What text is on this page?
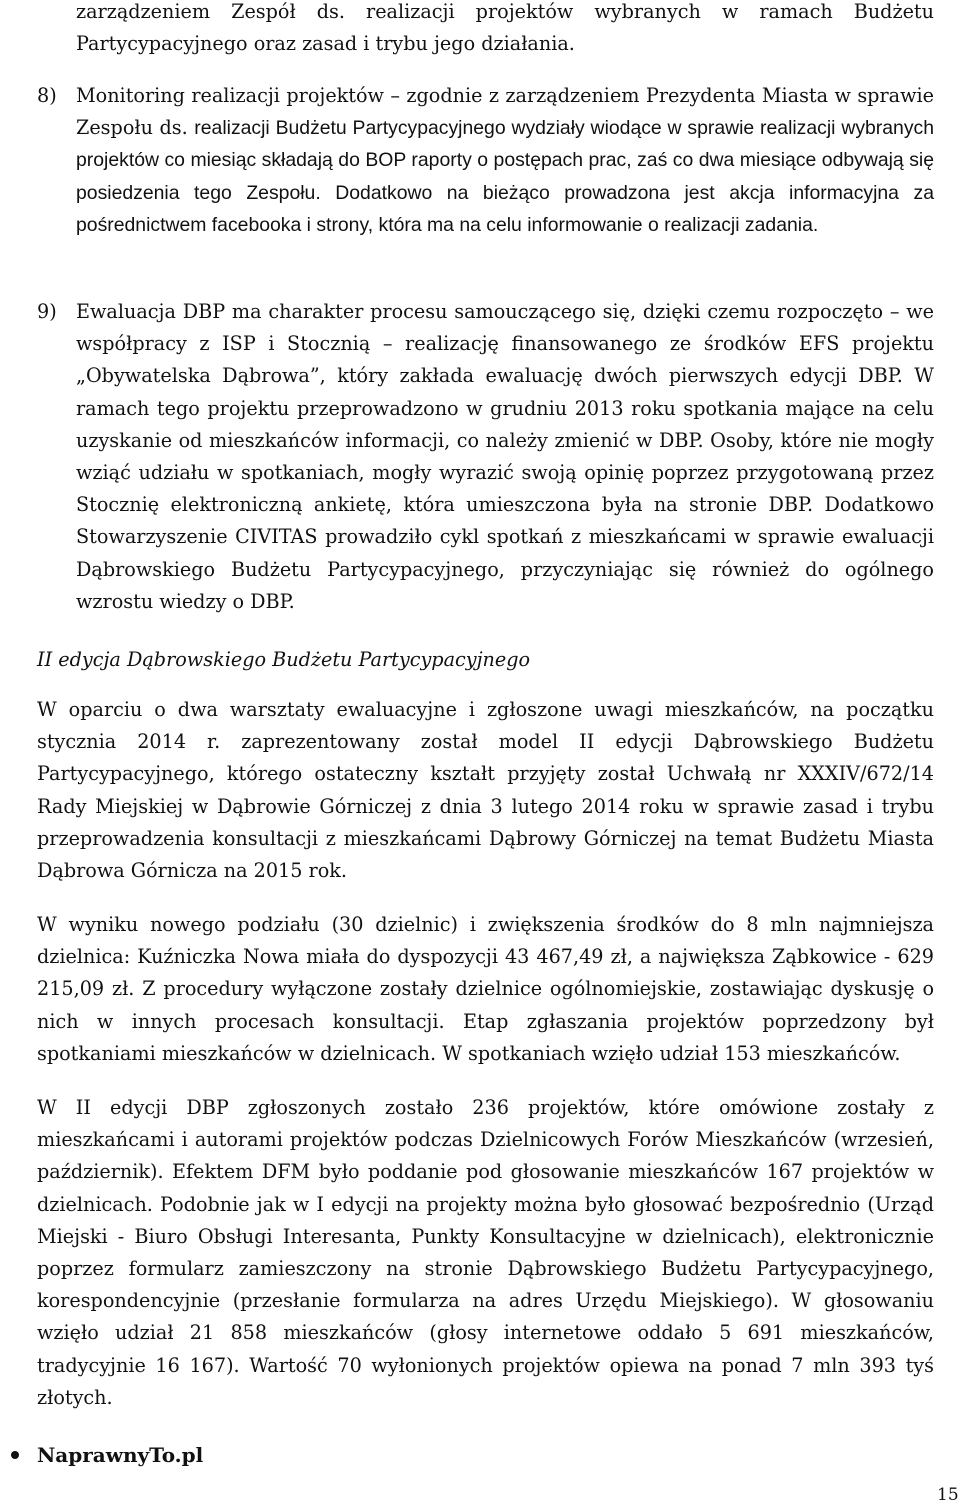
zarządzeniem Zespół ds. realizacji projektów wybranych w ramach Budżetu Partycypacyjnego oraz zasad i trybu jego działania.
8) Monitoring realizacji projektów – zgodnie z zarządzeniem Prezydenta Miasta w sprawie Zespołu ds. realizacji Budżetu Partycypacyjnego wydziały wiodące w sprawie realizacji wybranych projektów co miesiąc składają do BOP raporty o postępach prac, zaś co dwa miesiące odbywają się posiedzenia tego Zespołu. Dodatkowo na bieżąco prowadzona jest akcja informacyjna za pośrednictwem facebooka i strony, która ma na celu informowanie o realizacji zadania.
9) Ewaluacja DBP ma charakter procesu samouczącego się, dzięki czemu rozpoczęto – we współpracy z ISP i Stocznią – realizację finansowanego ze środków EFS projektu „Obywatelska Dąbrowa”, który zakłada ewaluację dwóch pierwszych edycji DBP. W ramach tego projektu przeprowadzono w grudniu 2013 roku spotkania mające na celu uzyskanie od mieszkańców informacji, co należy zmienić w DBP. Osoby, które nie mogły wziąć udziału w spotkaniach, mogły wyrazić swoją opinię poprzez przygotowaną przez Stocznię elektroniczną ankietę, która umieszczona była na stronie DBP. Dodatkowo Stowarzyszenie CIVITAS prowadziło cykl spotkań z mieszkańcami w sprawie ewaluacji Dąbrowskiego Budżetu Partycypacyjnego, przyczyniając się również do ogólnego wzrostu wiedzy o DBP.
II edycja Dąbrowskiego Budżetu Partycypacyjnego
W oparciu o dwa warsztaty ewaluacyjne i zgłoszone uwagi mieszkańców, na początku stycznia 2014 r. zaprezentowany został model II edycji Dąbrowskiego Budżetu Partycypacyjnego, którego ostateczny kształt przyjęty został Uchwałą nr XXXIV/672/14 Rady Miejskiej w Dąbrowie Górniczej z dnia 3 lutego 2014 roku w sprawie zasad i trybu przeprowadzenia konsultacji z mieszkańcami Dąbrowy Górniczej na temat Budżetu Miasta Dąbrowa Górnicza na 2015 rok.
W wyniku nowego podziału (30 dzielnic) i zwiększenia środków do 8 mln najmniejsza dzielnica: Kuźniczka Nowa miała do dyspozycji 43 467,49 zł, a największa Ząbkowice - 629 215,09 zł. Z procedury wyłączone zostały dzielnice ogólnomiejskie, zostawiając dyskusję o nich w innych procesach konsultacji. Etap zgłaszania projektów poprzedzony był spotkaniami mieszkańców w dzielnicach. W spotkaniach wzięło udział 153 mieszkańców.
W II edycji DBP zgłoszonych zostało 236 projektów, które omówione zostały z mieszkańcami i autorami projektów podczas Dzielnicowych Forów Mieszkańców (wrzesień, październik). Efektem DFM było poddanie pod głosowanie mieszkańców 167 projektów w dzielnicach. Podobnie jak w I edycji na projekty można było głosować bezpośrednio (Urząd Miejski - Biuro Obsługi Interesanta, Punkty Konsultacyjne w dzielnicach), elektronicznie poprzez formularz zamieszczony na stronie Dąbrowskiego Budżetu Partycypacyjnego, korespondencyjnie (przesłanie formularza na adres Urzędu Miejskiego). W głosowaniu wzięło udział 21 858 mieszkańców (głosy internetowe oddało 5 691 mieszkańców, tradycyjnie 16 167). Wartość 70 wyłonionych projektów opiewa na ponad 7 mln 393 tyś złotych.
NaprawnyTo.pl
15
